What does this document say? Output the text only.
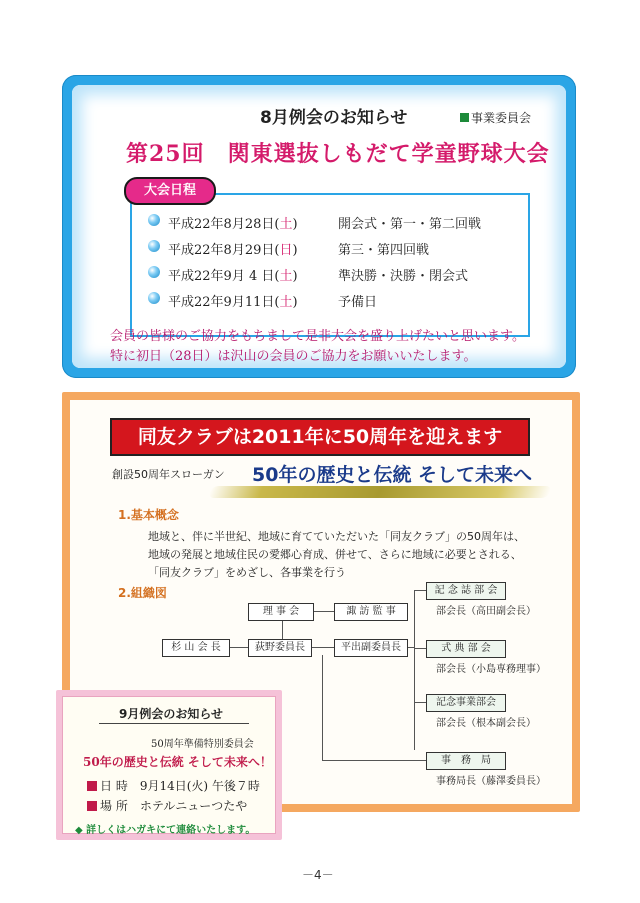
8月例会のお知らせ	事業委員会
第25回　関東選抜しもだて学童野球大会
大会日程
平成22年8月28日(土)	開会式・第一・第二回戦
平成22年8月29日(日)	第三・第四回戦
平成22年9月 4 日(土)	準決勝・決勝・閉会式
平成22年9月11日(土)	予備日
会員の皆様のご協力をもちまして是非大会を盛り上げたいと思います。
特に初日（28日）は沢山の会員のご協力をお願いいたします。
同友クラブは2011年に50周年を迎えます
創設50周年スローガン 50年の歴史と伝統 そして未来へ
1.基本概念
地域と、伴に半世紀、地域に育てていただいた「同友クラブ」の50周年は、
地域の発展と地域住民の愛郷心育成、併せて、さらに地域に必要とされる、
「同友クラブ」をめざし、各事業を行う
2.組織図
杉 山 会 長
理 事 会	諏 訪 監 事
荻野委員長	平出副委員長
記 念 誌 部 会
部会長（高田副会長）
式 典 部 会
部会長（小島専務理事）
記念事業部会
部会長（根本副会長）
事　務　局
事務局長（藤澤委員長）
9月例会のお知らせ
50周年準備特別委員会
50年の歴史と伝統 そして未来へ！
日 時　 9月14日(火) 午後７時
場 所　 ホテルニューつたや
◆ 詳しくはハガキにて連絡いたします。
－4－
